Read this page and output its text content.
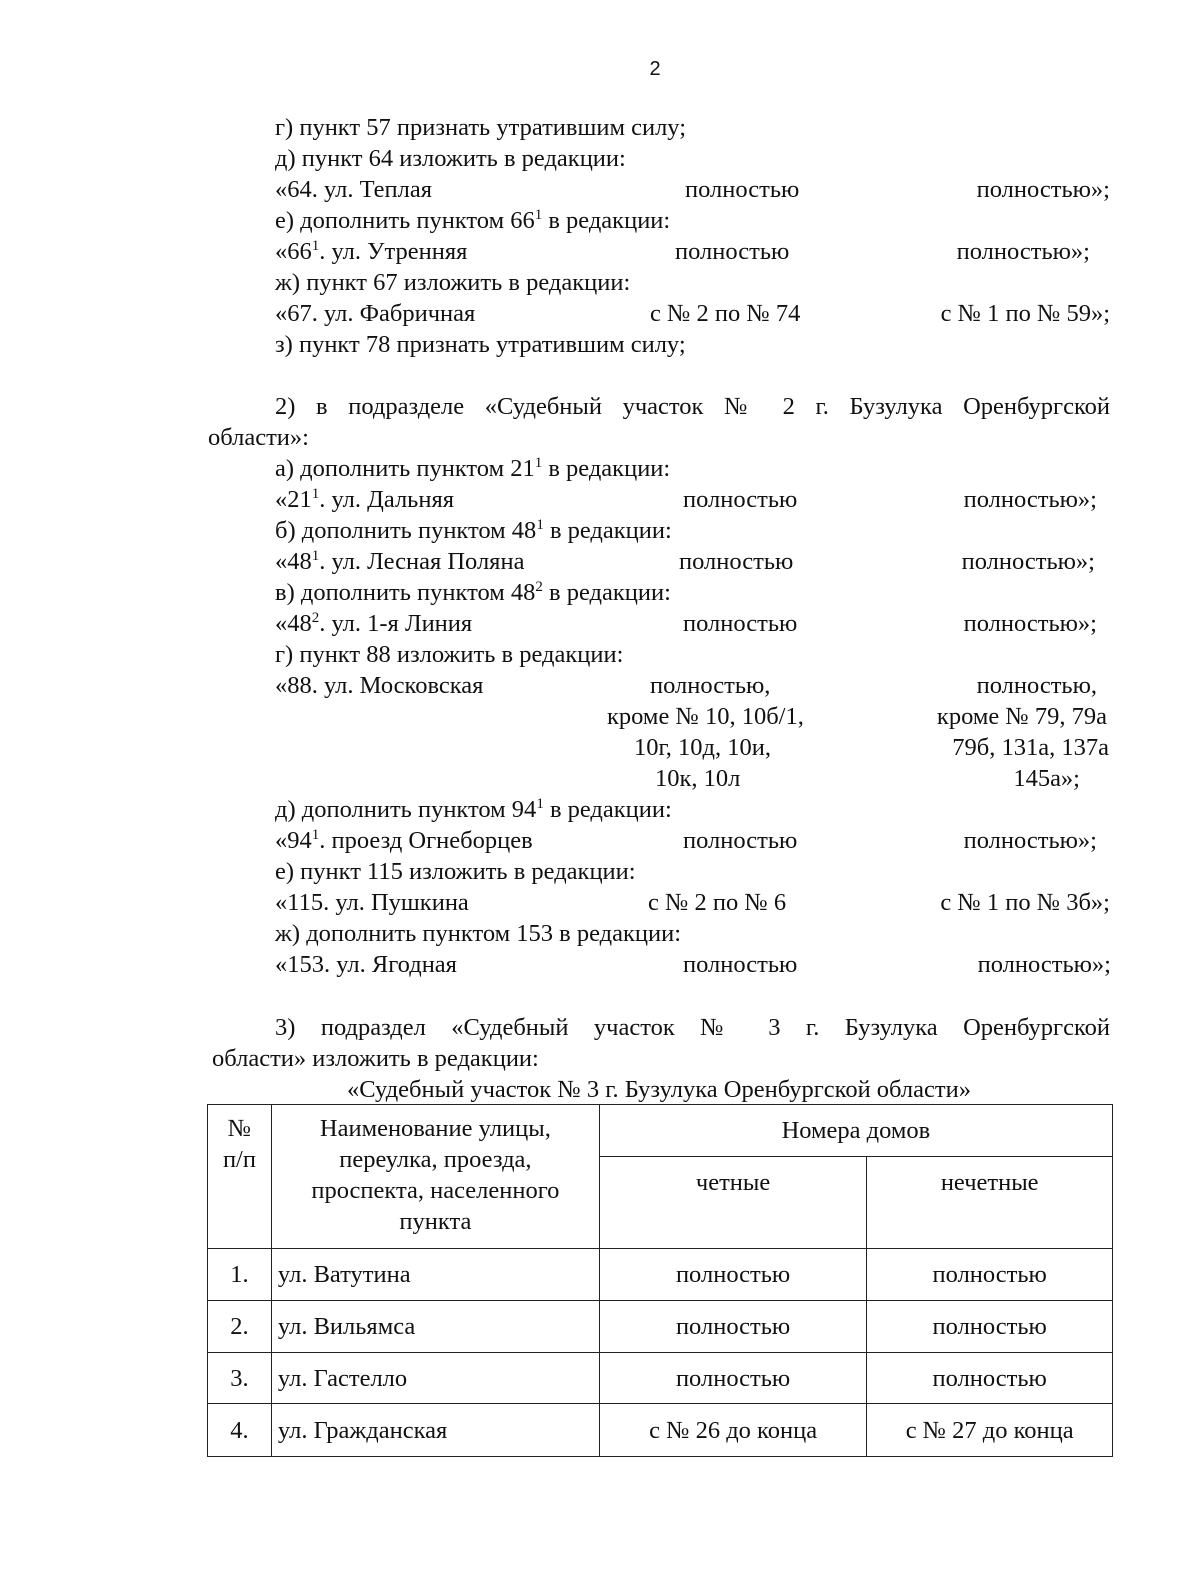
2
г) пункт 57 признать утратившим силу;
д) пункт 64 изложить в редакции:
«64. ул. Теплая	полностью	полностью»;
е) дополнить пунктом $66^1$ в редакции:
«$66^1$. ул. Утренняя	полностью	полностью»;
ж) пункт 67 изложить в редакции:
«67. ул. Фабричная	с № 2 по № 74	с № 1 по № 59»;
з) пункт 78 признать утратившим силу;
2) в подразделе «Судебный участок № 2 г. Бузулука Оренбургской
области»:
а) дополнить пунктом $21^1$ в редакции:
«$21^1$. ул. Дальняя	полностью	полностью»;
б) дополнить пунктом $48^1$ в редакции:
«$48^1$. ул. Лесная Поляна	полностью	полностью»;
в) дополнить пунктом $48^2$ в редакции:
«$48^2$. ул. 1-я Линия	полностью	полностью»;
г) пункт 88 изложить в редакции:
«88. ул. Московская	полностью,	полностью,
кроме № 10, 10б/1,	кроме № 79, 79а
10г, 10д, 10и,	79б, 131а, 137а
10к, 10л	145а»;
д) дополнить пунктом $94^1$ в редакции:
«$94^1$. проезд Огнеборцев	полностью	полностью»;
е) пункт 115 изложить в редакции:
«115. ул. Пушкина	с № 2 по № 6	с № 1 по № 3б»;
ж) дополнить пунктом 153 в редакции:
«153. ул. Ягодная	полностью	полностью»;
3) подраздел «Судебный участок № 3 г. Бузулука Оренбургской
области» изложить в редакции:
«Судебный участок № 3 г. Бузулука Оренбургской области»
№ п/п	Наименование улицы, переулка, проезда, проспекта, населенного пункта	Номера домов	
		четные	нечетные
1.	ул. Ватутина	полностью	полностью
2.	ул. Вильямса	полностью	полностью
3.	ул. Гастелло	полностью	полностью
4.	ул. Гражданская	с № 26 до конца	с № 27 до конца
